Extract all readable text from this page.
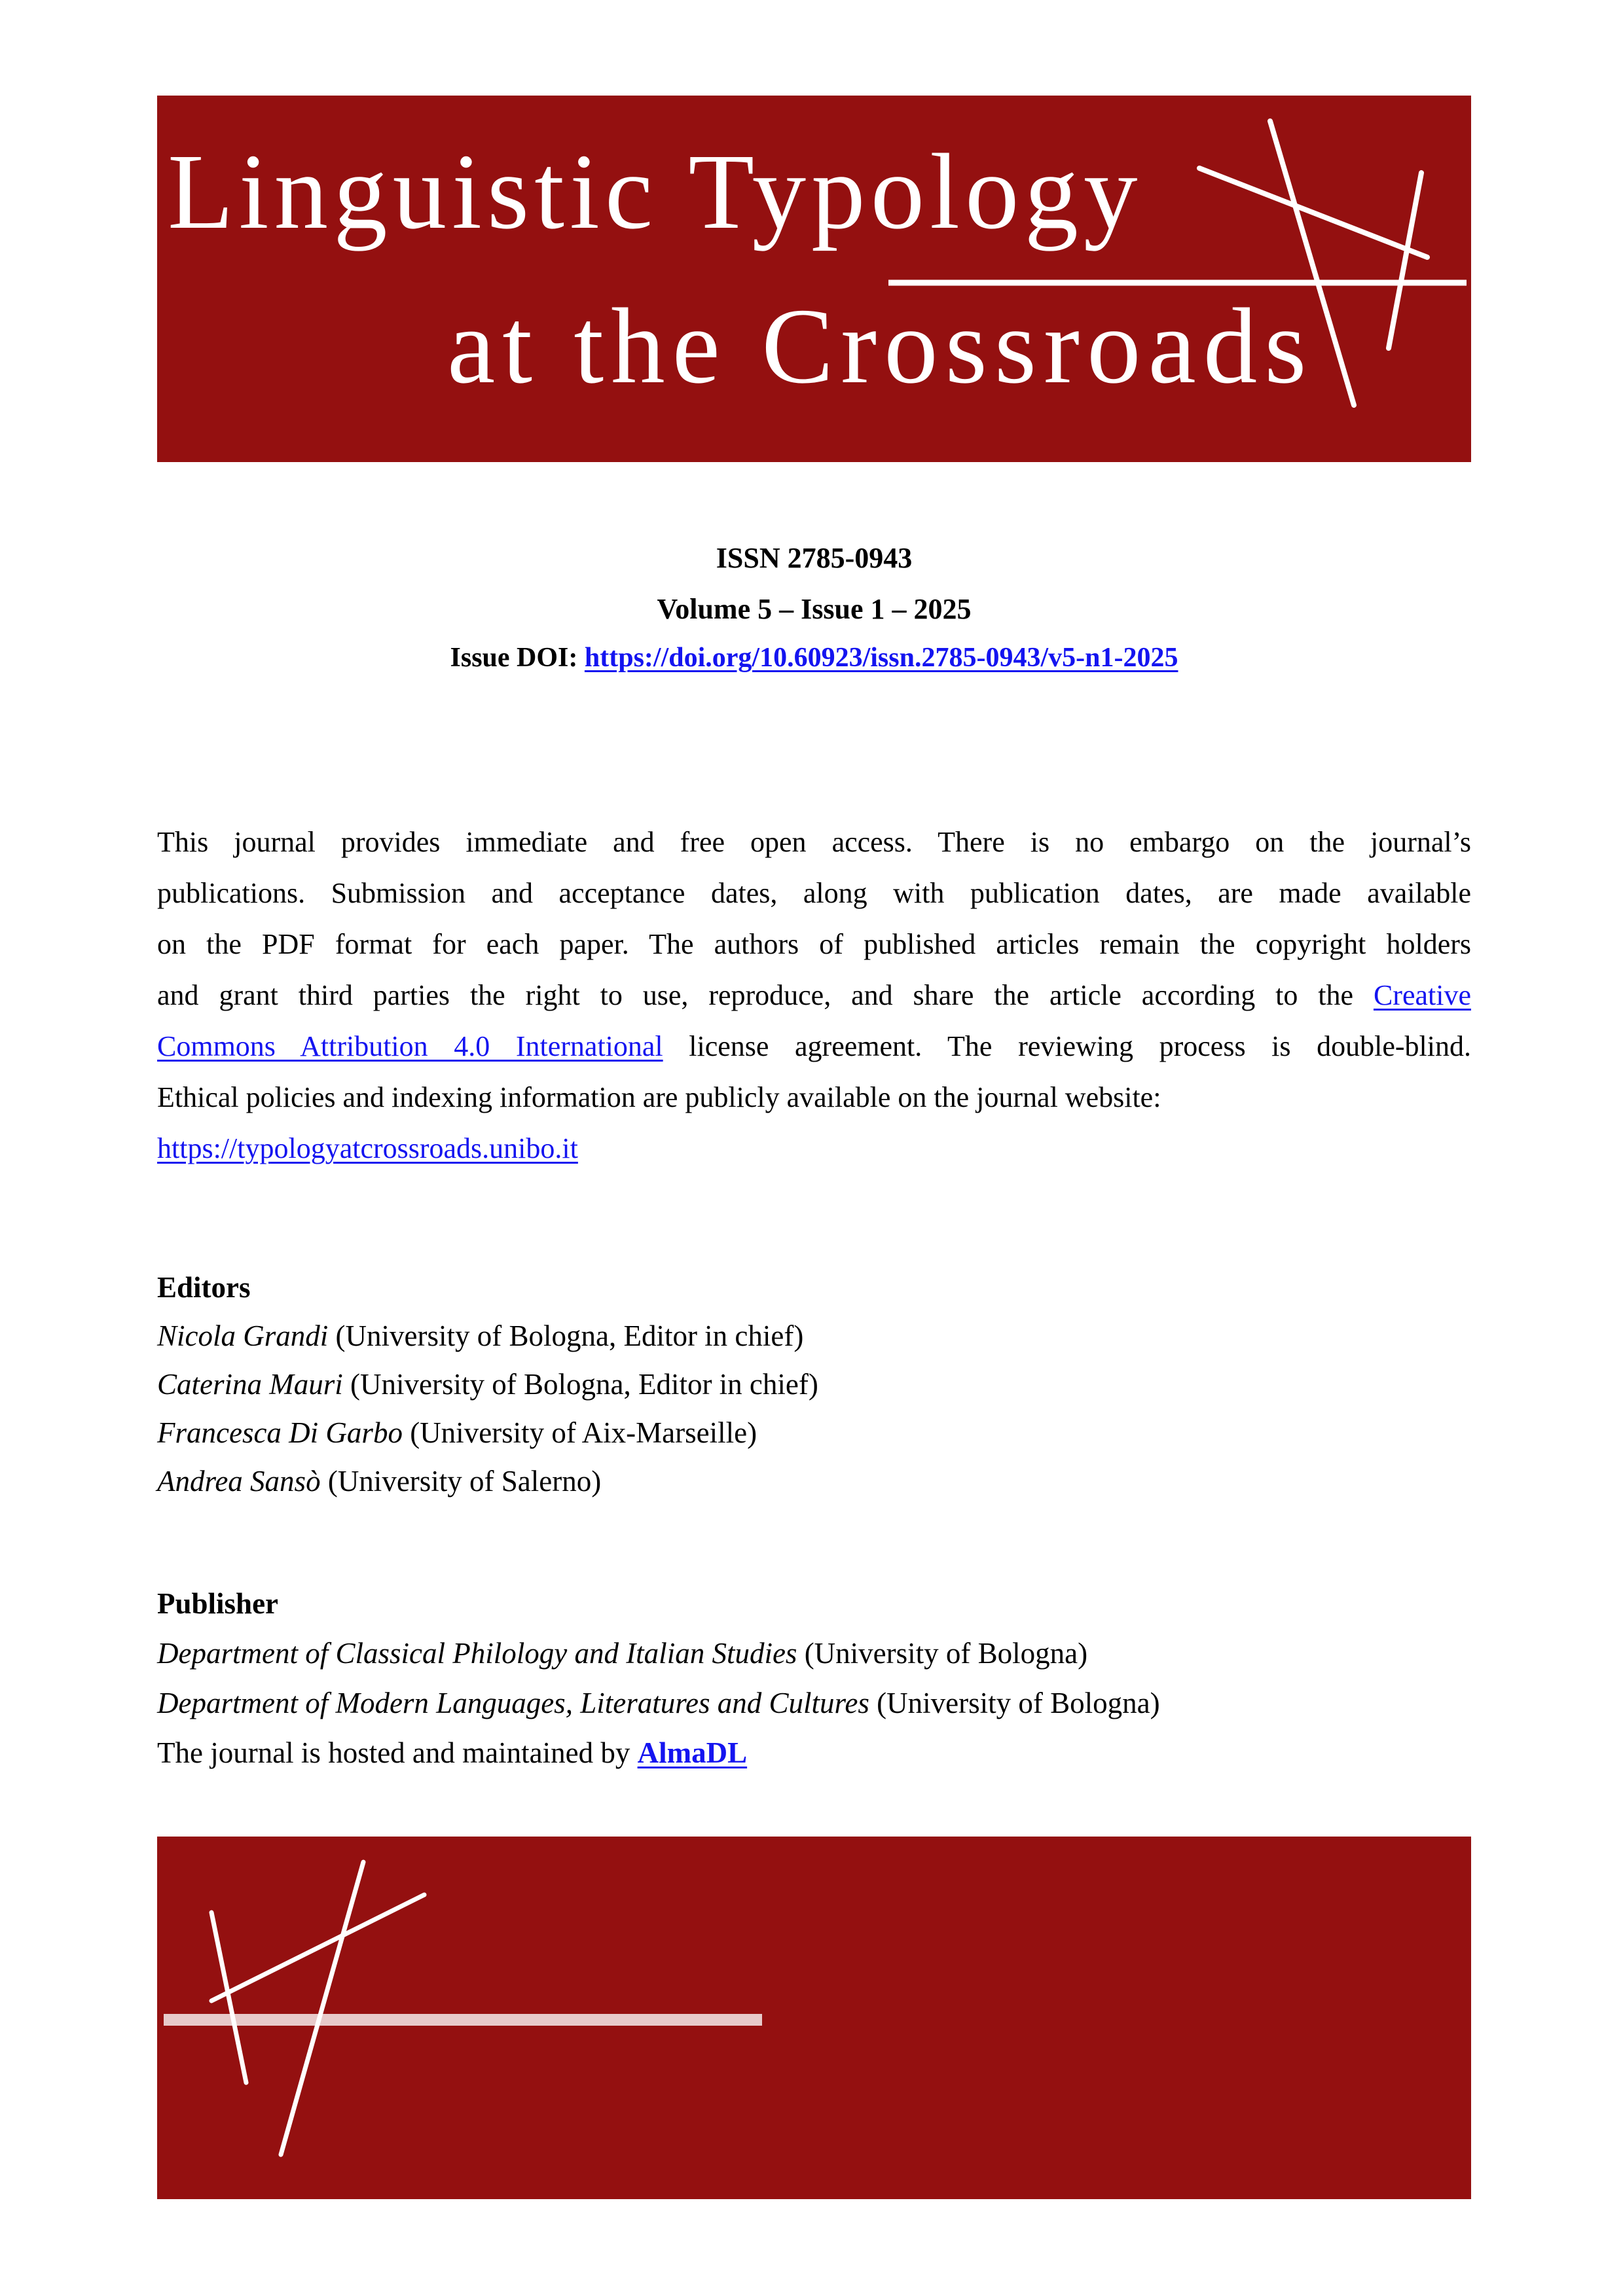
Linguistic Typology
at the Crossroads
ISSN 2785-0943
Volume 5 – Issue 1 – 2025
Issue DOI: https://doi.org/10.60923/issn.2785-0943/v5-n1-2025
This journal provides immediate and free open access. There is no embargo on the journal’s
publications. Submission and acceptance dates, along with publication dates, are made available
on the PDF format for each paper. The authors of published articles remain the copyright holders
and grant third parties the right to use, reproduce, and share the article according to the Creative
Commons Attribution 4.0 International license agreement. The reviewing process is double-blind.
Ethical policies and indexing information are publicly available on the journal website:
https://typologyatcrossroads.unibo.it
Editors
Nicola Grandi (University of Bologna, Editor in chief)
Caterina Mauri (University of Bologna, Editor in chief)
Francesca Di Garbo (University of Aix-Marseille)
Andrea Sansò (University of Salerno)
Publisher
Department of Classical Philology and Italian Studies (University of Bologna)
Department of Modern Languages, Literatures and Cultures (University of Bologna)
The journal is hosted and maintained by AlmaDL
